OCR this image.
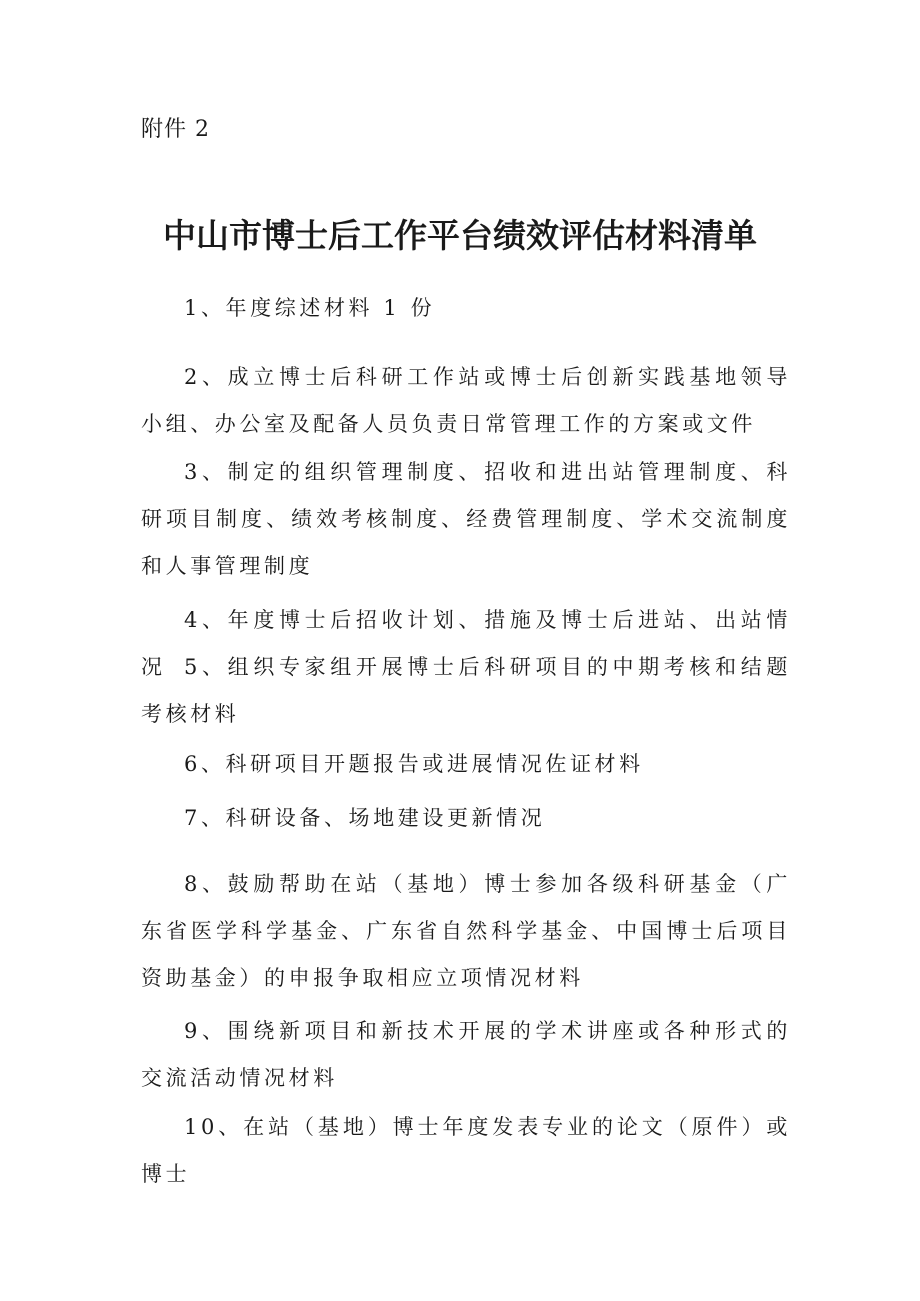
附件 2
中山市博士后工作平台绩效评估材料清单

1、年度综述材料 1 份

2、成立博士后科研工作站或博士后创新实践基地领导小组、办公室及配备人员负责日常管理工作的方案或文件

3、制定的组织管理制度、招收和进出站管理制度、科研项目制度、绩效考核制度、经费管理制度、学术交流制度和人事管理制度

4、年度博士后招收计划、措施及博士后进站、出站情况 5、组织专家组开展博士后科研项目的中期考核和结题考核材料

6、科研项目开题报告或进展情况佐证材料

7、科研设备、场地建设更新情况

8、鼓励帮助在站（基地）博士参加各级科研基金（广东省医学科学基金、广东省自然科学基金、中国博士后项目资助基金）的申报争取相应立项情况材料

9、围绕新项目和新技术开展的学术讲座或各种形式的交流活动情况材料

10、在站（基地）博士年度发表专业的论文（原件）或博士
